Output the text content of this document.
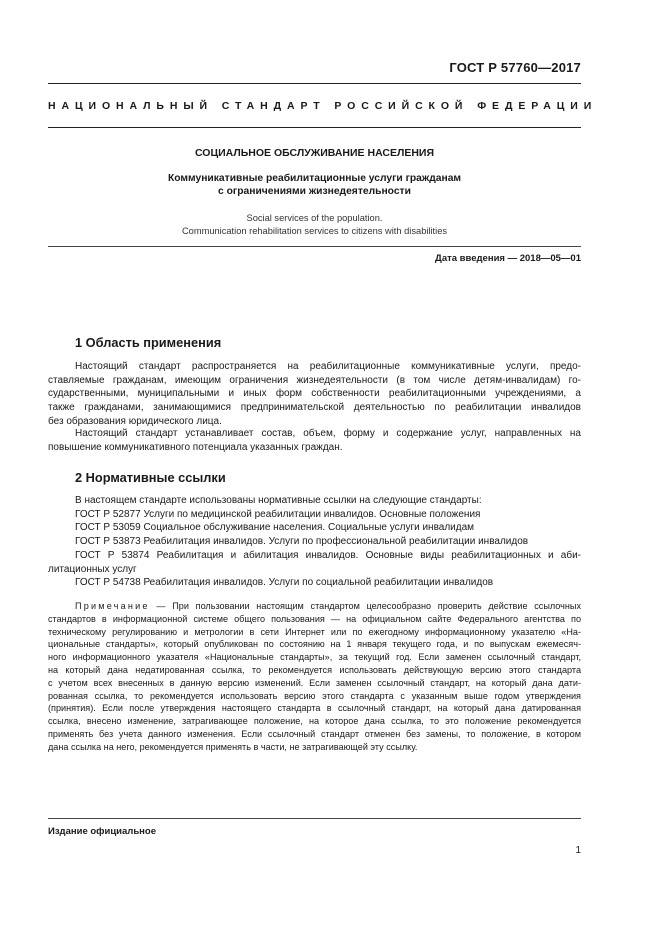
ГОСТ Р 57760—2017
НАЦИОНАЛЬНЫЙ СТАНДАРТ РОССИЙСКОЙ ФЕДЕРАЦИИ
СОЦИАЛЬНОЕ ОБСЛУЖИВАНИЕ НАСЕЛЕНИЯ
Коммуникативные реабилитационные услуги гражданам
с ограничениями жизнедеятельности
Social services of the population.
Communication rehabilitation services to citizens with disabilities
Дата введения — 2018—05—01
1 Область применения
Настоящий стандарт распространяется на реабилитационные коммуникативные услуги, предо-
ставляемые гражданам, имеющим ограничения жизнедеятельности (в том числе детям-инвалидам) го-
сударственными, муниципальными и иных форм собственности реабилитационными учреждениями, а
также гражданами, занимающимися предпринимательской деятельностью по реабилитации инвалидов
без образования юридического лица.
Настоящий стандарт устанавливает состав, объем, форму и содержание услуг, направленных на
повышение коммуникативного потенциала указанных граждан.
2 Нормативные ссылки
В настоящем стандарте использованы нормативные ссылки на следующие стандарты:
ГОСТ Р 52877 Услуги по медицинской реабилитации инвалидов. Основные положения
ГОСТ Р 53059 Социальное обслуживание населения. Социальные услуги инвалидам
ГОСТ Р 53873 Реабилитация инвалидов. Услуги по профессиональной реабилитации инвалидов
ГОСТ Р 53874 Реабилитация и абилитация инвалидов. Основные виды реабилитационных и аби-
литационных услуг
ГОСТ Р 54738 Реабилитация инвалидов. Услуги по социальной реабилитации инвалидов
Примечание — При пользовании настоящим стандартом целесообразно проверить действие ссылочных
стандартов в информационной системе общего пользования — на официальном сайте Федерального агентства по
техническому регулированию и метрологии в сети Интернет или по ежегодному информационному указателю «На-
циональные стандарты», который опубликован по состоянию на 1 января текущего года, и по выпускам ежемесяч-
ного информационного указателя «Национальные стандарты», за текущий год. Если заменен ссылочный стандарт,
на который дана недатированная ссылка, то рекомендуется использовать действующую версию этого стандарта
с учетом всех внесенных в данную версию изменений. Если заменен ссылочный стандарт, на который дана дати-
рованная ссылка, то рекомендуется использовать версию этого стандарта с указанным выше годом утверждения
(принятия). Если после утверждения настоящего стандарта в ссылочный стандарт, на который дана датированная
ссылка, внесено изменение, затрагивающее положение, на которое дана ссылка, то это положение рекомендуется
применять без учета данного изменения. Если ссылочный стандарт отменен без замены, то положение, в котором
дана ссылка на него, рекомендуется применять в части, не затрагивающей эту ссылку.
Издание официальное
1
